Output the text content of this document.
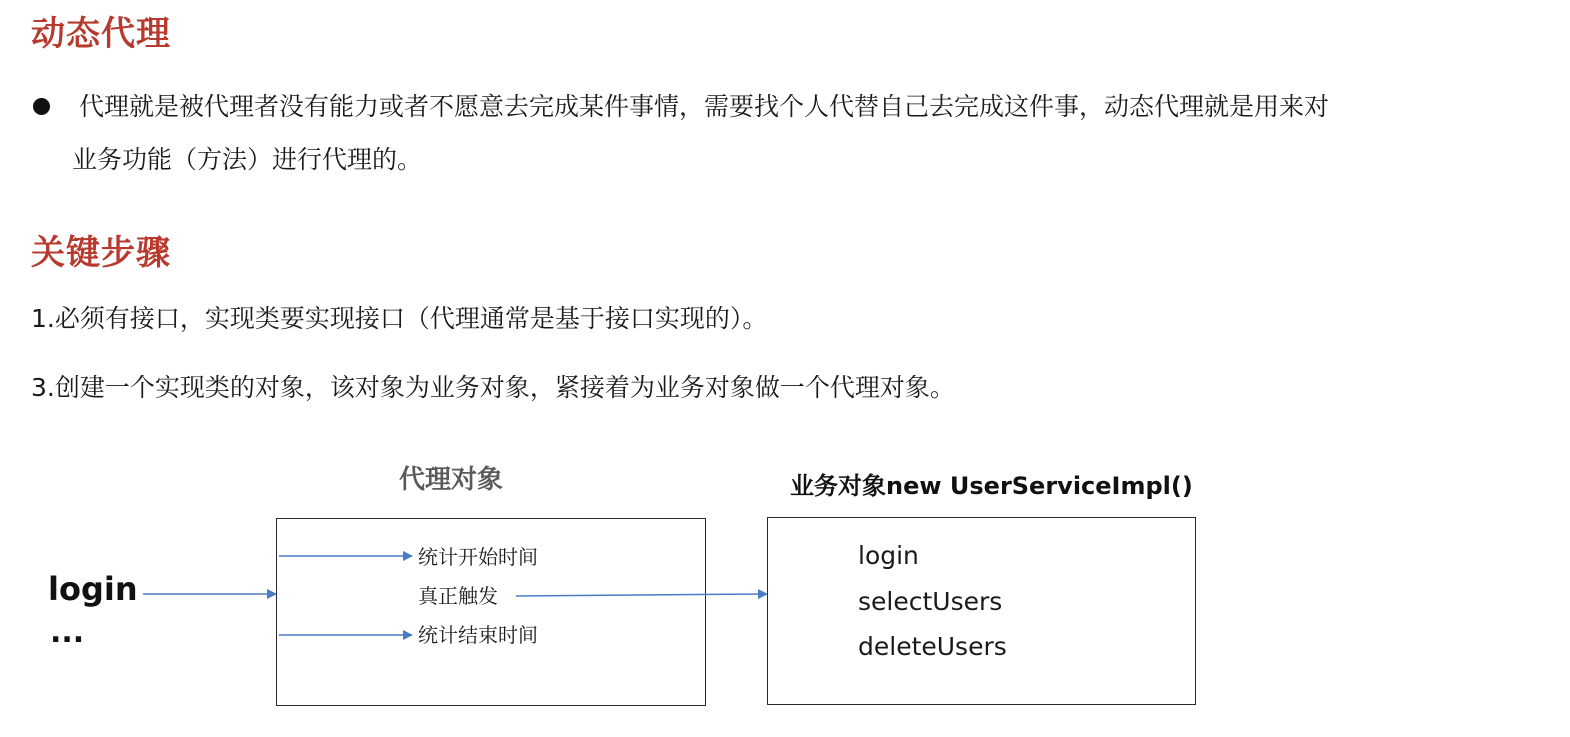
动态代理
代理就是被代理者没有能力或者不愿意去完成某件事情，需要找个人代替自己去完成这件事，动态代理就是用来对
业务功能（方法）进行代理的。
关键步骤
1.必须有接口，实现类要实现接口（代理通常是基于接口实现的）。
3.创建一个实现类的对象，该对象为业务对象，紧接着为业务对象做一个代理对象。
代理对象	业务对象new UserServiceImpl()
login
...
统计开始时间
真正触发
统计结束时间
login
selectUsers
deleteUsers
